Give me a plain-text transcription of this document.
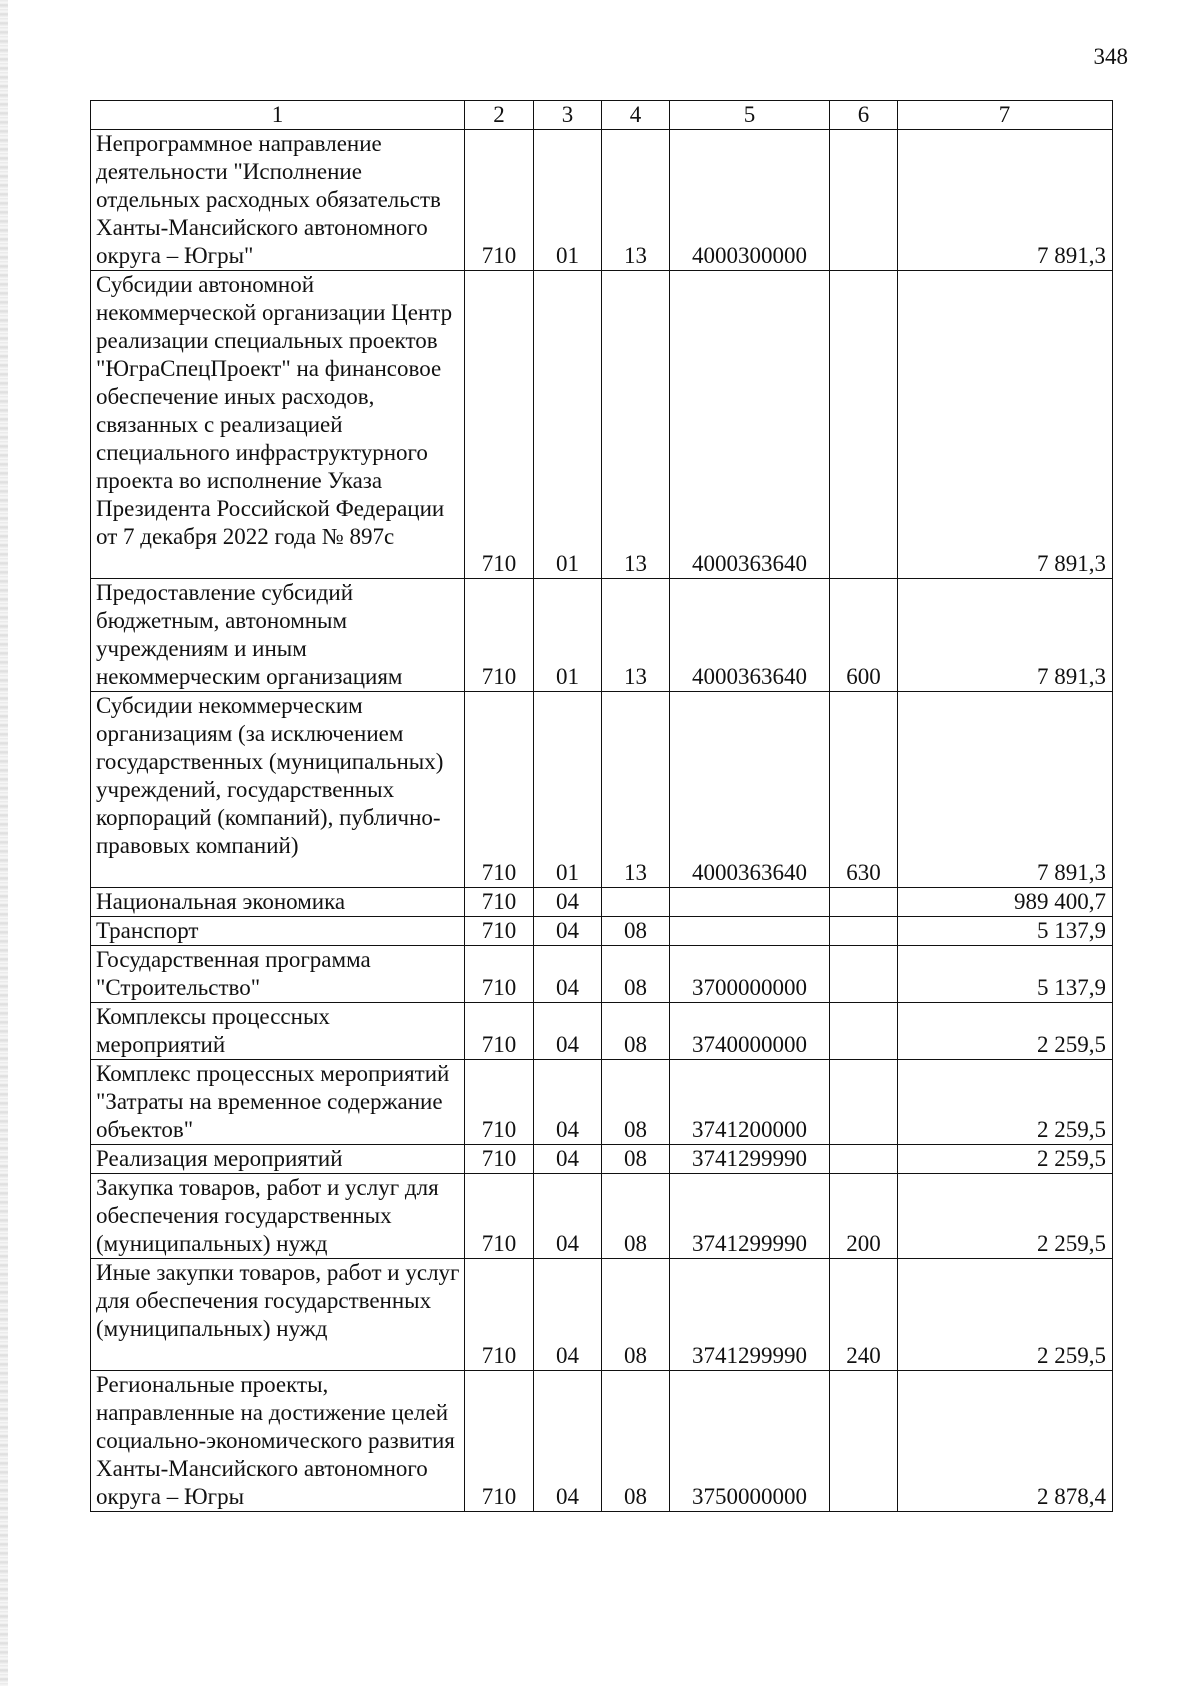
348
1	2	3	4	5	6	7
Непрограммное направление деятельности "Исполнение отдельных расходных обязательств Ханты-Мансийского автономного округа – Югры"	710	01	13	4000300000		7 891,3
Субсидии автономной некоммерческой организации Центр реализации специальных проектов "ЮграСпецПроект" на финансовое обеспечение иных расходов, связанных с реализацией специального инфраструктурного проекта во исполнение Указа Президента Российской Федерации от 7 декабря 2022 года № 897с	710	01	13	4000363640		7 891,3
Предоставление субсидий бюджетным, автономным учреждениям и иным некоммерческим организациям	710	01	13	4000363640	600	7 891,3
Субсидии некоммерческим организациям (за исключением государственных (муниципальных) учреждений, государственных корпораций (компаний), публично-правовых компаний)	710	01	13	4000363640	630	7 891,3
Национальная экономика	710	04				989 400,7
Транспорт	710	04	08			5 137,9
Государственная программа "Строительство"	710	04	08	3700000000		5 137,9
Комплексы процессных мероприятий	710	04	08	3740000000		2 259,5
Комплекс процессных мероприятий "Затраты на временное содержание объектов"	710	04	08	3741200000		2 259,5
Реализация мероприятий	710	04	08	3741299990		2 259,5
Закупка товаров, работ и услуг для обеспечения государственных (муниципальных) нужд	710	04	08	3741299990	200	2 259,5
Иные закупки товаров, работ и услуг для обеспечения государственных (муниципальных) нужд	710	04	08	3741299990	240	2 259,5
Региональные проекты, направленные на достижение целей социально-экономического развития Ханты-Мансийского автономного округа – Югры	710	04	08	3750000000		2 878,4
